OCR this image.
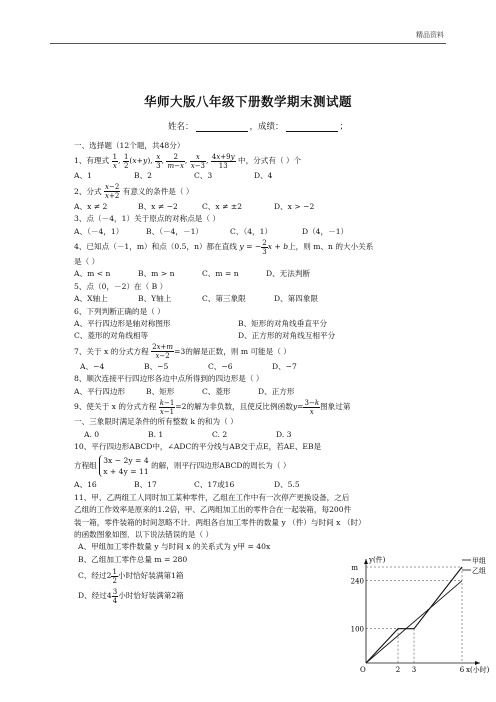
精品资料
华师大版八年级下册数学期末测试题
姓名：	，成绩：	；
一、选择题（12个题，共48分）
1、有理式 $\frac{1}{x}$ , $\frac{1}{2} (x+y)$, $\frac{x}{3}$ , $\frac{2}{m-x}$ , $\frac{x}{x-3}$ , $\frac{4x+9y}{13}$ 中，分式有（ ）个
A、1	B、2	C、3	D、4
2、分式 $\frac{x-2}{x+2}$ 有意义的条件是（ ）
A、x ≠ 2	B、x ≠ −2	C、x ≠ ±2	D、x > −2
3、点（－4，1）关于原点的对称点是（ ）
A、（－4，1）	B、（－4，－1）	C、（4，1）	D（4，－1）
4、已知点（－1，m）和点（0.5，n）都在直线 y = − $\frac{2}{3}$ x + b上，则 m、n 的大小关系
是（ ）
A、m < n	B、m > n	C、m = n	D、无法判断
5、点（0，－2）在（ B ）
A、X轴上	B、Y轴上	C、第三象限	D、第四象限
6、下列判断正确的是（ ）
A、平行四边形是轴对称图形	B、矩形的对角线垂直平分
C、菱形的对角线相等	D、正方形的对角线互相平分
7、关于 x 的分式方程 $\frac{2x+m}{x-2} =3$的解是正数，则 m 可能是（ ）
A、−4	B、−5	C、−6	D、−7
8、顺次连接平行四边形各边中点所得到的四边形是（ ）
A、平行四边形	B、矩形	C、菱形	D、正方形
9、使关于 x 的分式方程 $\frac{k-1}{x-1} =2$的解为非负数，且使反比例函数$y= \frac{3-k}{x}$ 图象过第
一、三象限时满足条件的所有整数 k 的和为（ ）
A. 0	B. 1	C. 2	D. 3
10、平行四边形ABCD中，∠ADC的平分线与AB交于点E，若AE、EB是
方程组
3x − 2y = 4
x + 4y = 11
的解，则平行四边形ABCD的周长为（ ）
A、16	B、17	C、17或16	D、5.5
11、甲、乙两组工人同时加工某种零件，乙组在工作中有一次停产更换设备，之后
乙组的工作效率是原来的1.2倍，甲、乙两组加工出的零件合在一起装箱，每200件
装一箱，零件装箱的时间忽略不计．两组各自加工零件的数量 y （件）与时间 x （时）
的函数图象如图．以下说法错误的是（ ）
A、甲组加工零件数量 y 与时间 x 的关系式为 y甲 = 40x
B、乙组加工零件总量 m = 280
C、经过$2 \frac{1}{2}$ 小时恰好装满第1箱
D、经过$4 \frac{3}{4}$ 小时恰好装满第2箱
y(件)
x(小时)
240
100
m
O	2 3	6
甲组
乙组
